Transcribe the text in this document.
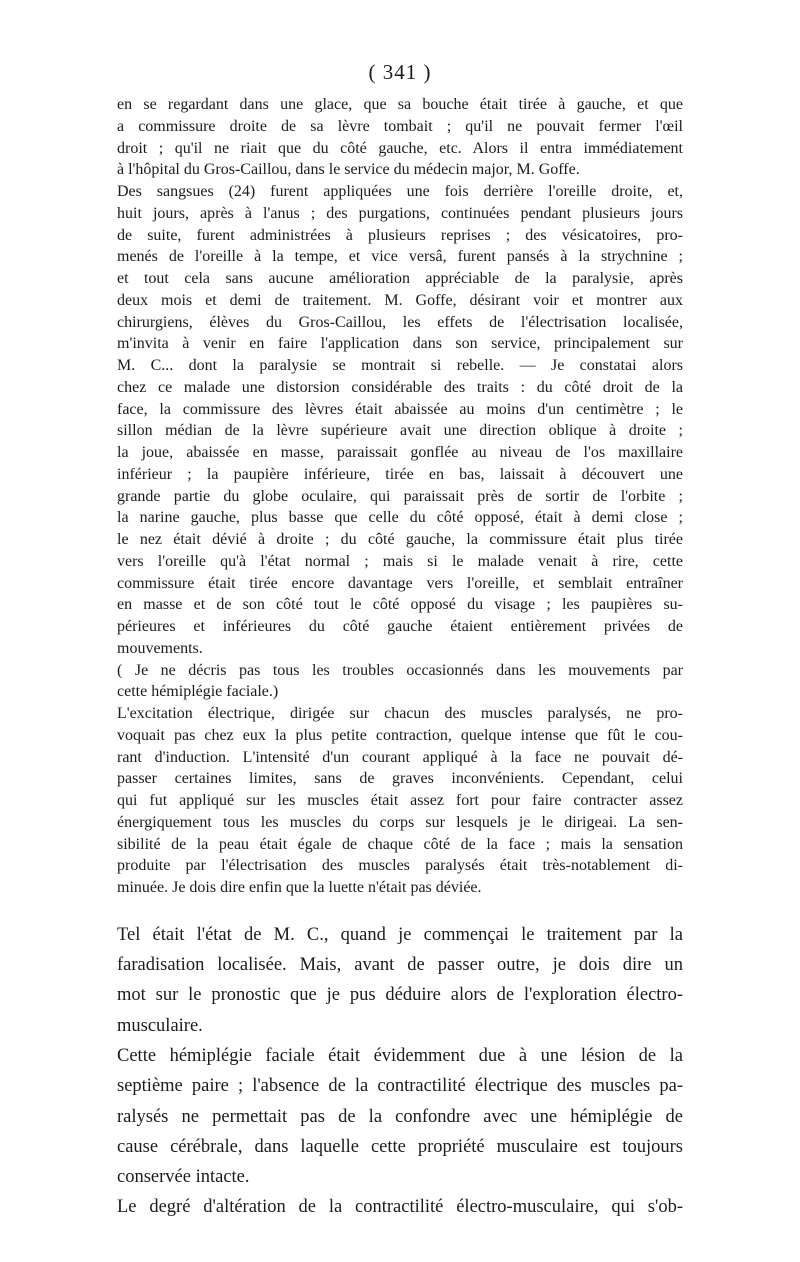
( 341 )
en se regardant dans une glace, que sa bouche était tirée à gauche, et que
a commissure droite de sa lèvre tombait ; qu'il ne pouvait fermer l'œil
droit ; qu'il ne riait que du côté gauche, etc. Alors il entra immédiatement
à l'hôpital du Gros-Caillou, dans le service du médecin major, M. Goffe.
Des sangsues (24) furent appliquées une fois derrière l'oreille droite, et,
huit jours, après à l'anus ; des purgations, continuées pendant plusieurs jours
de suite, furent administrées à plusieurs reprises ; des vésicatoires, pro-
menés de l'oreille à la tempe, et vice versâ, furent pansés à la strychnine ;
et tout cela sans aucune amélioration appréciable de la paralysie, après
deux mois et demi de traitement. M. Goffe, désirant voir et montrer aux
chirurgiens, élèves du Gros-Caillou, les effets de l'électrisation localisée,
m'invita à venir en faire l'application dans son service, principalement sur
M. C... dont la paralysie se montrait si rebelle. — Je constatai alors
chez ce malade une distorsion considérable des traits : du côté droit de la
face, la commissure des lèvres était abaissée au moins d'un centimètre ; le
sillon médian de la lèvre supérieure avait une direction oblique à droite ;
la joue, abaissée en masse, paraissait gonflée au niveau de l'os maxillaire
inférieur ; la paupière inférieure, tirée en bas, laissait à découvert une
grande partie du globe oculaire, qui paraissait près de sortir de l'orbite ;
la narine gauche, plus basse que celle du côté opposé, était à demi close ;
le nez était dévié à droite ; du côté gauche, la commissure était plus tirée
vers l'oreille qu'à l'état normal ; mais si le malade venait à rire, cette
commissure était tirée encore davantage vers l'oreille, et semblait entraîner
en masse et de son côté tout le côté opposé du visage ; les paupières su-
périeures et inférieures du côté gauche étaient entièrement privées de
mouvements.
( Je ne décris pas tous les troubles occasionnés dans les mouvements par
cette hémiplégie faciale.)
L'excitation électrique, dirigée sur chacun des muscles paralysés, ne pro-
voquait pas chez eux la plus petite contraction, quelque intense que fût le cou-
rant d'induction. L'intensité d'un courant appliqué à la face ne pouvait dé-
passer certaines limites, sans de graves inconvénients. Cependant, celui
qui fut appliqué sur les muscles était assez fort pour faire contracter assez
énergiquement tous les muscles du corps sur lesquels je le dirigeai. La sen-
sibilité de la peau était égale de chaque côté de la face ; mais la sensation
produite par l'électrisation des muscles paralysés était très-notablement di-
minuée. Je dois dire enfin que la luette n'était pas déviée.
Tel était l'état de M. C., quand je commençai le traitement par la
faradisation localisée. Mais, avant de passer outre, je dois dire un
mot sur le pronostic que je pus déduire alors de l'exploration électro-
musculaire.
Cette hémiplégie faciale était évidemment due à une lésion de la
septième paire ; l'absence de la contractilité électrique des muscles pa-
ralysés ne permettait pas de la confondre avec une hémiplégie de
cause cérébrale, dans laquelle cette propriété musculaire est toujours
conservée intacte.
Le degré d'altération de la contractilité électro-musculaire, qui s'ob-
